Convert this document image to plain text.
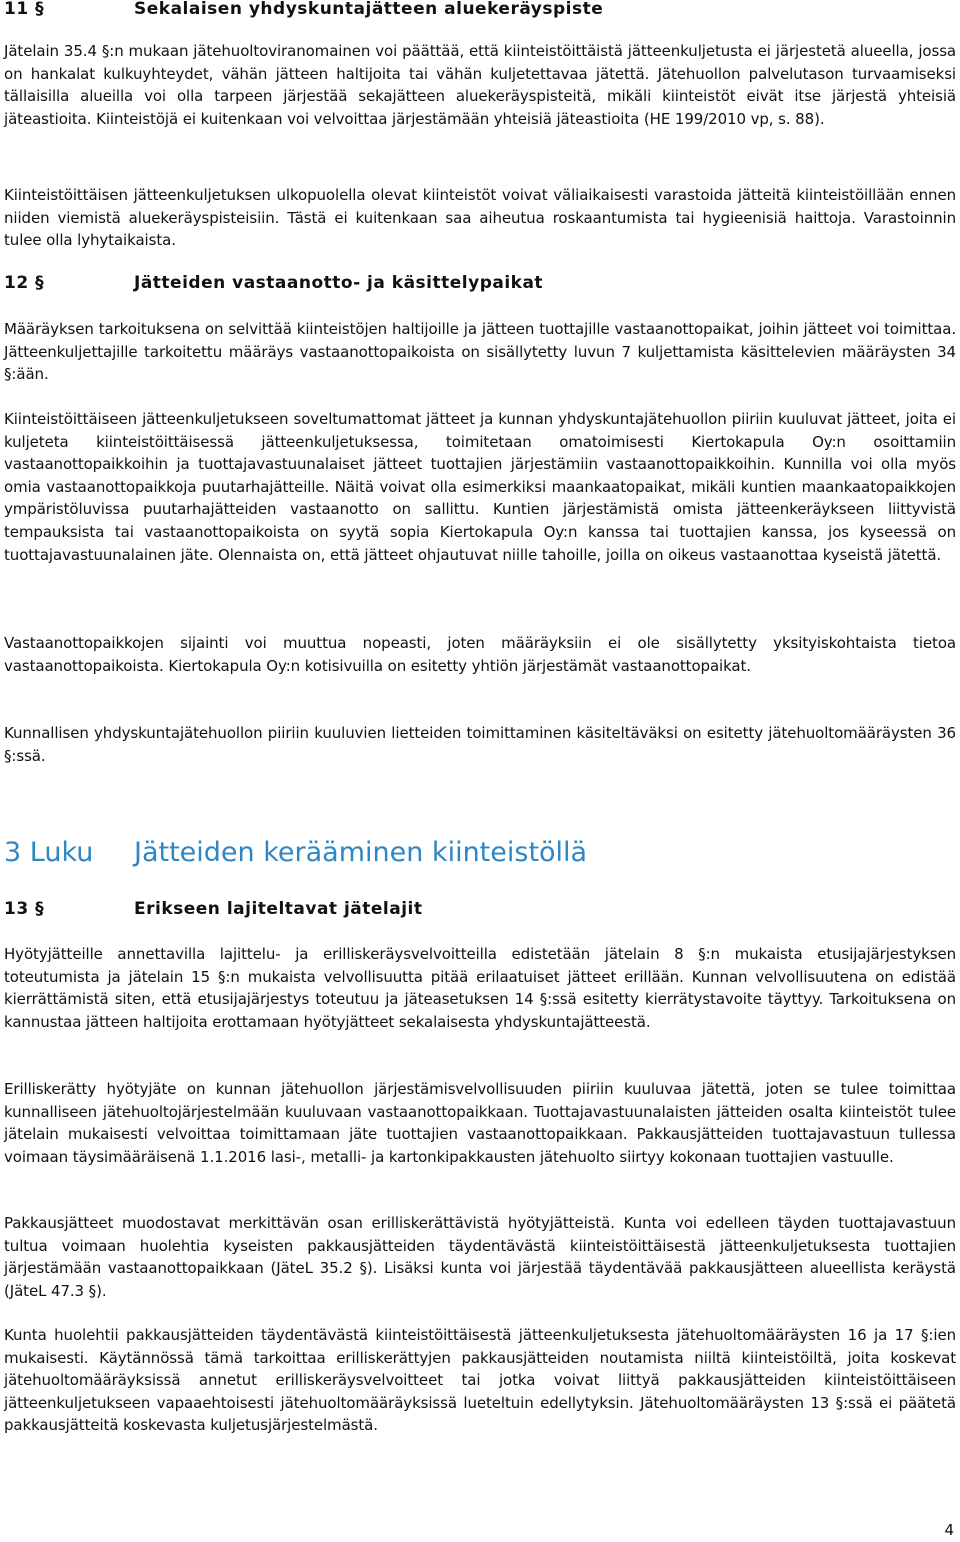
11 §	Sekalaisen yhdyskuntajätteen aluekeräyspiste

Jätelain 35.4 §:n mukaan jätehuoltoviranomainen voi päättää, että kiinteistöittäistä jätteenkuljetusta ei järjestetä alueella, jossa on hankalat kulkuyhteydet, vähän jätteen haltijoita tai vähän kuljetettavaa jätettä. Jätehuollon palvelutason turvaamiseksi tällaisilla alueilla voi olla tarpeen järjestää sekajätteen aluekeräyspisteitä, mikäli kiinteistöt eivät itse järjestä yhteisiä jäteastioita. Kiinteistöjä ei kuitenkaan voi velvoittaa järjestämään yhteisiä jäteastioita (HE 199/2010 vp, s. 88).

Kiinteistöittäisen jätteenkuljetuksen ulkopuolella olevat kiinteistöt voivat väliaikaisesti varastoida jätteitä kiinteistöillään ennen niiden viemistä aluekeräyspisteisiin. Tästä ei kuitenkaan saa aiheutua roskaantumista tai hygieenisiä haittoja. Varastoinnin tulee olla lyhytaikaista.

12 §	Jätteiden vastaanotto- ja käsittelypaikat

Määräyksen tarkoituksena on selvittää kiinteistöjen haltijoille ja jätteen tuottajille vastaanottopaikat, joihin jätteet voi toimittaa. Jätteenkuljettajille tarkoitettu määräys vastaanottopaikoista on sisällytetty luvun 7 kuljettamista käsittelevien määräysten 34 §:ään.

Kiinteistöittäiseen jätteenkuljetukseen soveltumattomat jätteet ja kunnan yhdyskuntajätehuollon piiriin kuuluvat jätteet, joita ei kuljeteta kiinteistöittäisessä jätteenkuljetuksessa, toimitetaan omatoimisesti Kiertokapula Oy:n osoittamiin vastaanottopaikkoihin ja tuottajavastuunalaiset jätteet tuottajien järjestämiin vastaanottopaikkoihin. Kunnilla voi olla myös omia vastaanottopaikkoja puutarhajätteille. Näitä voivat olla esimerkiksi maankaatopaikat, mikäli kuntien maankaatopaikkojen ympäristöluvissa puutarhajätteiden vastaanotto on sallittu. Kuntien järjestämistä omista jätteenkeräykseen liittyvistä tempauksista tai vastaanottopaikoista on syytä sopia Kiertokapula Oy:n kanssa tai tuottajien kanssa, jos kyseessä on tuottajavastuunalainen jäte. Olennaista on, että jätteet ohjautuvat niille tahoille, joilla on oikeus vastaanottaa kyseistä jätettä.

Vastaanottopaikkojen sijainti voi muuttua nopeasti, joten määräyksiin ei ole sisällytetty yksityiskohtaista tietoa vastaanottopaikoista. Kiertokapula Oy:n kotisivuilla on esitetty yhtiön järjestämät vastaanottopaikat.

Kunnallisen yhdyskuntajätehuollon piiriin kuuluvien lietteiden toimittaminen käsiteltäväksi on esitetty jätehuoltomääräysten 36 §:ssä.

3 Luku	Jätteiden kerääminen kiinteistöllä
13 §	Erikseen lajiteltavat jätelajit

Hyötyjätteille annettavilla lajittelu- ja erilliskeräysvelvoitteilla edistetään jätelain 8 §:n mukaista etusijajärjestyksen toteutumista ja jätelain 15 §:n mukaista velvollisuutta pitää erilaatuiset jätteet erillään. Kunnan velvollisuutena on edistää kierrättämistä siten, että etusijajärjestys toteutuu ja jäteasetuksen 14 §:ssä esitetty kierrätystavoite täyttyy. Tarkoituksena on kannustaa jätteen haltijoita erottamaan hyötyjätteet sekalaisesta yhdyskuntajätteestä.

Erilliskerätty hyötyjäte on kunnan jätehuollon järjestämisvelvollisuuden piiriin kuuluvaa jätettä, joten se tulee toimittaa kunnalliseen jätehuoltojärjestelmään kuuluvaan vastaanottopaikkaan. Tuottajavastuunalaisten jätteiden osalta kiinteistöt tulee jätelain mukaisesti velvoittaa toimittamaan jäte tuottajien vastaanottopaikkaan. Pakkausjätteiden tuottajavastuun tullessa voimaan täysimääräisenä 1.1.2016 lasi-, metalli- ja kartonkipakkausten jätehuolto siirtyy kokonaan tuottajien vastuulle.

Pakkausjätteet muodostavat merkittävän osan erilliskerättävistä hyötyjätteistä. Kunta voi edelleen täyden tuottajavastuun tultua voimaan huolehtia kyseisten pakkausjätteiden täydentävästä kiinteistöittäisestä jätteenkuljetuksesta tuottajien järjestämään vastaanottopaikkaan (JäteL 35.2 §). Lisäksi kunta voi järjestää täydentävää pakkausjätteen alueellista keräystä (JäteL 47.3 §).

Kunta huolehtii pakkausjätteiden täydentävästä kiinteistöittäisestä jätteenkuljetuksesta jätehuoltomääräysten 16 ja 17 §:ien mukaisesti. Käytännössä tämä tarkoittaa erilliskerättyjen pakkausjätteiden noutamista niiltä kiinteistöiltä, joita koskevat jätehuoltomääräyksissä annetut erilliskeräysvelvoitteet tai jotka voivat liittyä pakkausjätteiden kiinteistöittäiseen jätteenkuljetukseen vapaaehtoisesti jätehuoltomääräyksissä lueteltuin edellytyksin. Jätehuoltomääräysten 13 §:ssä ei päätetä pakkausjätteitä koskevasta kuljetusjärjestelmästä.

4
